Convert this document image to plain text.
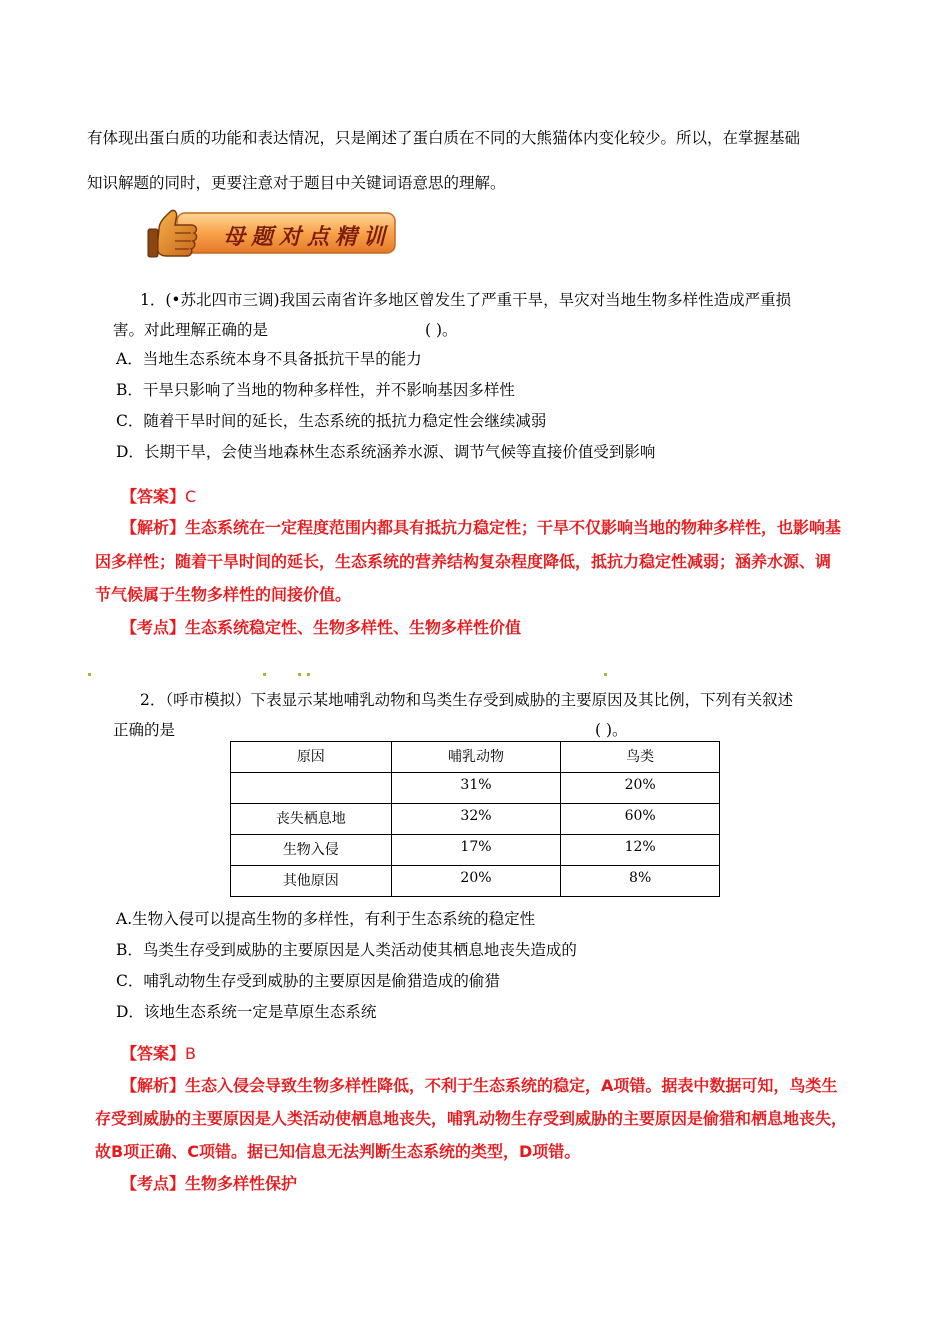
有体现出蛋白质的功能和表达情况，只是阐述了蛋白质在不同的大熊猫体内变化较少。所以，在掌握基础
知识解题的同时，更要注意对于题目中关键词语意思的理解。
母题对点精训
1．(•苏北四市三调)我国云南省许多地区曾发生了严重干旱，旱灾对当地生物多样性造成严重损
害。对此理解正确的是	( )。
A．当地生态系统本身不具备抵抗干旱的能力
B．干旱只影响了当地的物种多样性，并不影响基因多样性
C．随着干旱时间的延长，生态系统的抵抗力稳定性会继续减弱
D．长期干旱，会使当地森林生态系统涵养水源、调节气候等直接价值受到影响
【答案】C
【解析】生态系统在一定程度范围内都具有抵抗力稳定性；干旱不仅影响当地的物种多样性，也影响基
因多样性；随着干旱时间的延长，生态系统的营养结构复杂程度降低，抵抗力稳定性减弱；涵养水源、调
节气候属于生物多样性的间接价值。
【考点】生态系统稳定性、生物多样性、生物多样性价值
2．（呼市模拟）下表显示某地哺乳动物和鸟类生存受到威胁的主要原因及其比例，下列有关叙述
正确的是	( )。
原因	哺乳动物	鸟类
	31%	20%
丧失栖息地	32%	60%
生物入侵	17%	12%
其他原因	20%	8%
A.生物入侵可以提高生物的多样性，有利于生态系统的稳定性
B．鸟类生存受到威胁的主要原因是人类活动使其栖息地丧失造成的
C．哺乳动物生存受到威胁的主要原因是偷猎造成的偷猎
D．该地生态系统一定是草原生态系统
【答案】B
【解析】生态入侵会导致生物多样性降低，不利于生态系统的稳定，A项错。据表中数据可知，鸟类生
存受到威胁的主要原因是人类活动使栖息地丧失，哺乳动物生存受到威胁的主要原因是偷猎和栖息地丧失，
故B项正确、C项错。据已知信息无法判断生态系统的类型，D项错。
【考点】生物多样性保护
